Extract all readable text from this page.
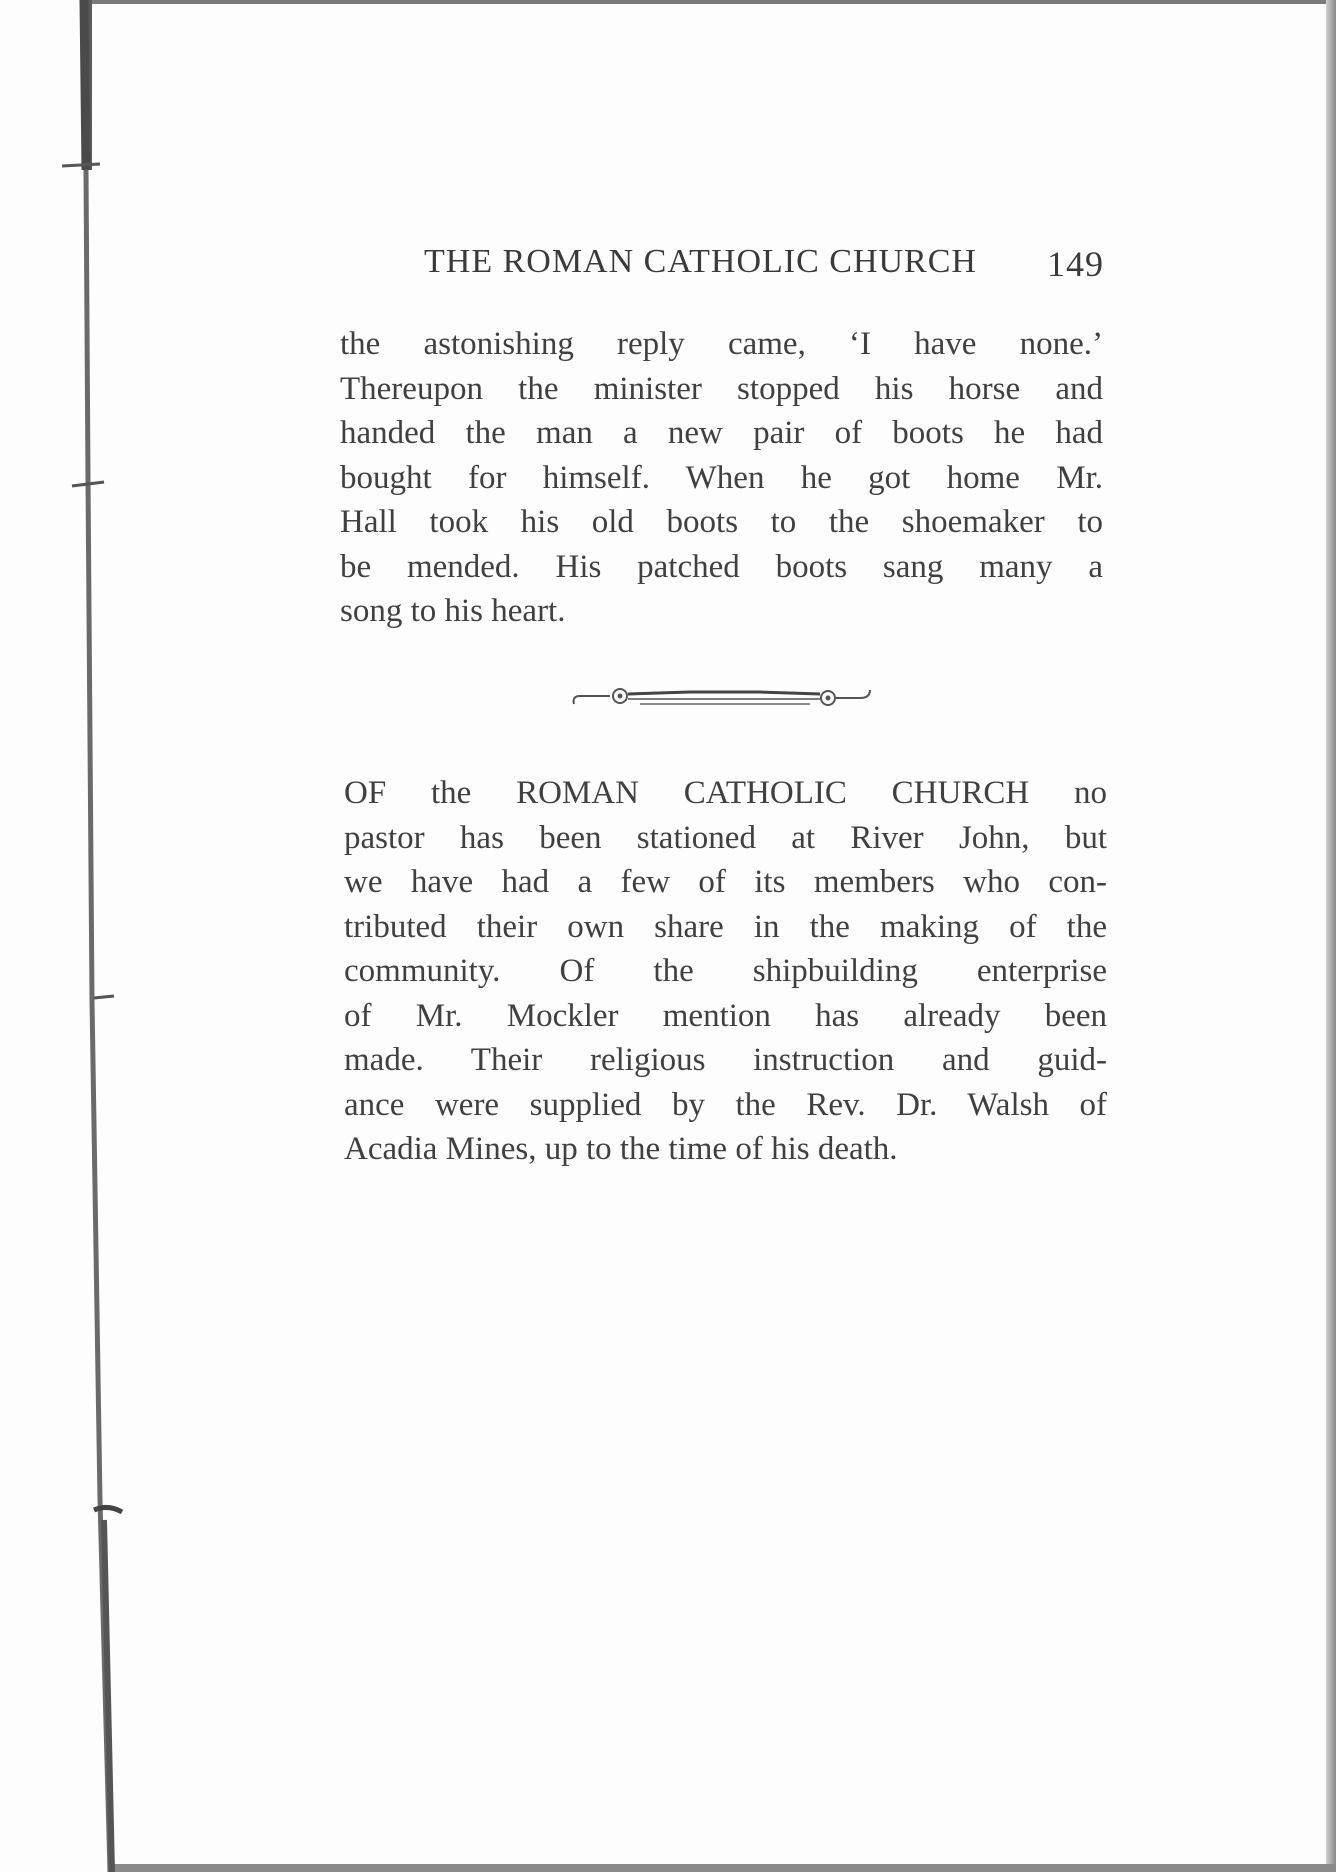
THE ROMAN CATHOLIC CHURCH 149
the astonishing reply came, ‘I have none.’
Thereupon the minister stopped his horse and
handed the man a new pair of boots he had
bought for himself. When he got home Mr.
Hall took his old boots to the shoemaker to
be mended. His patched boots sang many a
song to his heart.
OF the ROMAN CATHOLIC CHURCH no
pastor has been stationed at River John, but
we have had a few of its members who con-
tributed their own share in the making of the
community. Of the shipbuilding enterprise
of Mr. Mockler mention has already been
made. Their religious instruction and guid-
ance were supplied by the Rev. Dr. Walsh of
Acadia Mines, up to the time of his death.
